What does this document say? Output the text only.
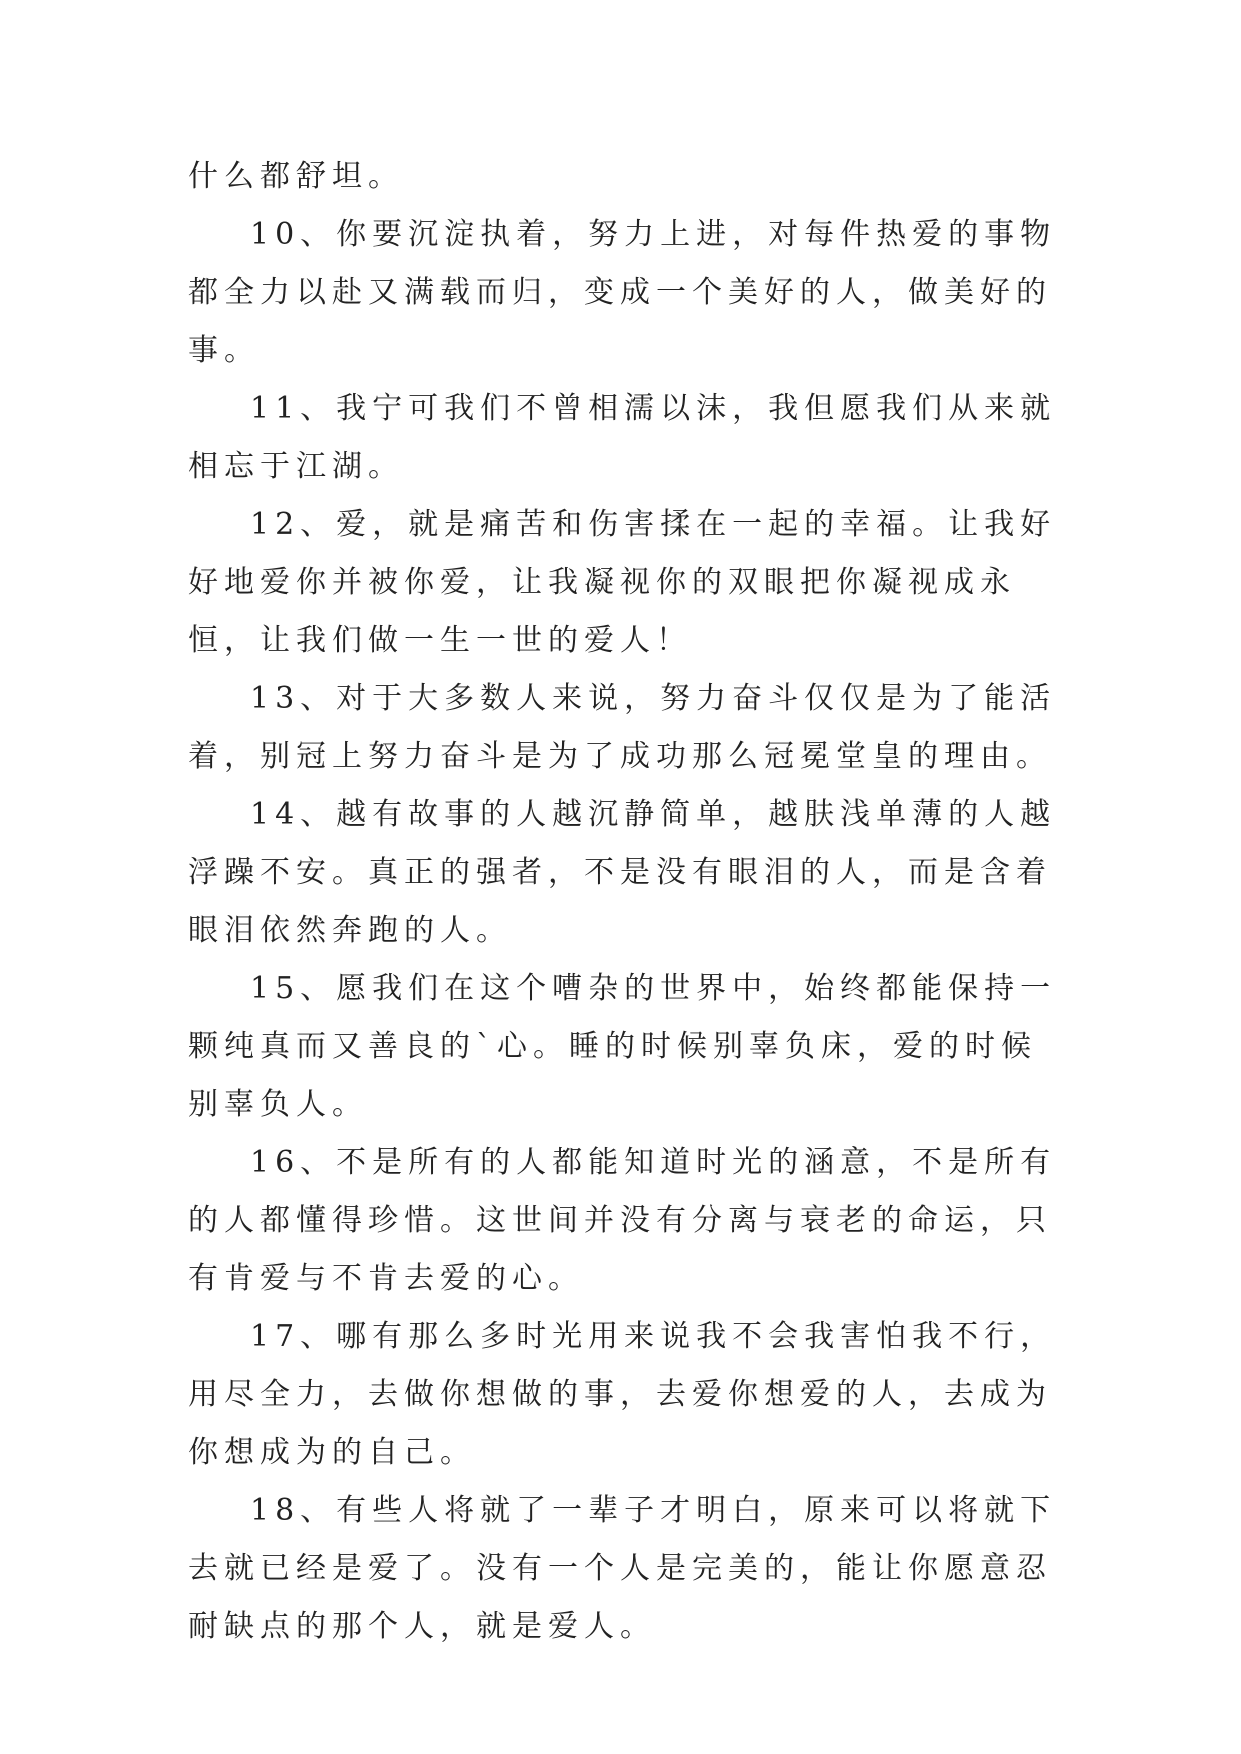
什么都舒坦。

10、你要沉淀执着，努力上进，对每件热爱的事物都全力以赴又满载而归，变成一个美好的人，做美好的事。

11、我宁可我们不曾相濡以沫，我但愿我们从来就相忘于江湖。

12、爱，就是痛苦和伤害揉在一起的幸福。让我好好地爱你并被你爱，让我凝视你的双眼把你凝视成永恒，让我们做一生一世的爱人！

13、对于大多数人来说，努力奋斗仅仅是为了能活着，别冠上努力奋斗是为了成功那么冠冕堂皇的理由。

14、越有故事的人越沉静简单，越肤浅单薄的人越浮躁不安。真正的强者，不是没有眼泪的人，而是含着眼泪依然奔跑的人。

15、愿我们在这个嘈杂的世界中，始终都能保持一颗纯真而又善良的`心。睡的时候别辜负床，爱的时候别辜负人。

16、不是所有的人都能知道时光的涵意，不是所有的人都懂得珍惜。这世间并没有分离与衰老的命运，只有肯爱与不肯去爱的心。

17、哪有那么多时光用来说我不会我害怕我不行，用尽全力，去做你想做的事，去爱你想爱的人，去成为你想成为的自己。

18、有些人将就了一辈子才明白，原来可以将就下去就已经是爱了。没有一个人是完美的，能让你愿意忍耐缺点的那个人，就是爱人。
